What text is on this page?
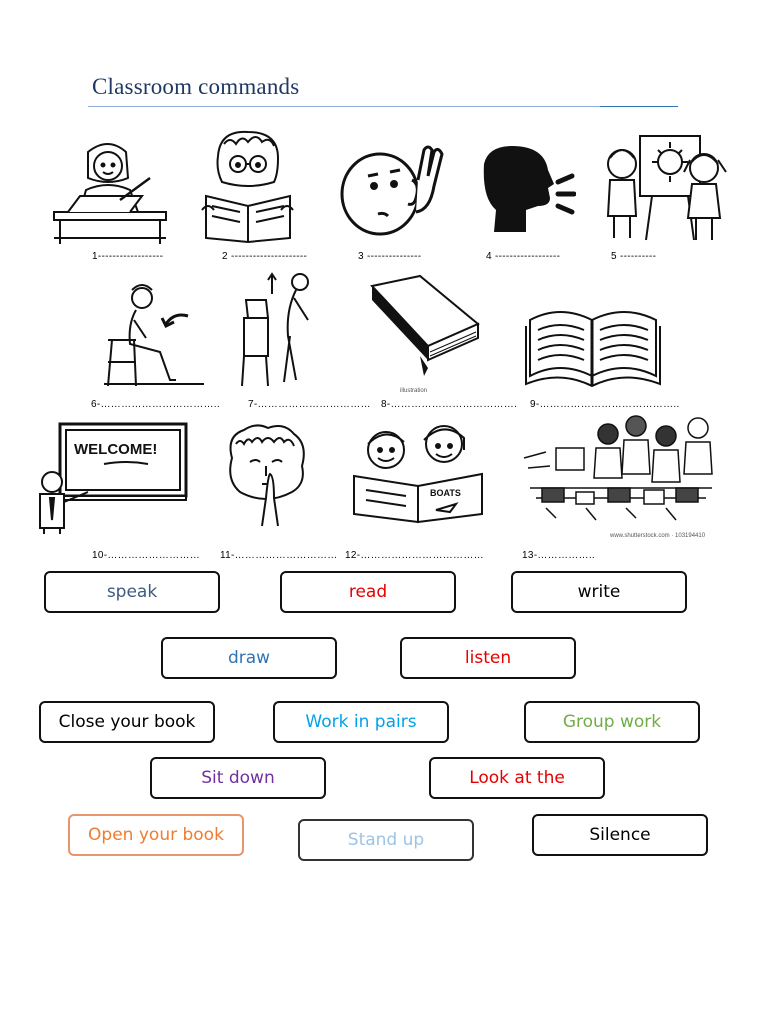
Classroom commands
1------------------	2 ---------------------	3 ---------------	4 ------------------	5 ----------
illustration
6-……………………………..	7-…………………………… 8-………………………………. 9-…………………………………..
WELCOME!
BOATS
www.shutterstock.com · 103194410
10-……………………… 11-………………………… 12-………………………………	13-……………..
speak	read	write
draw	listen
Close your book	Work in pairs	Group work
Sit down	Look at the
Open your book	Stand up	Silence
